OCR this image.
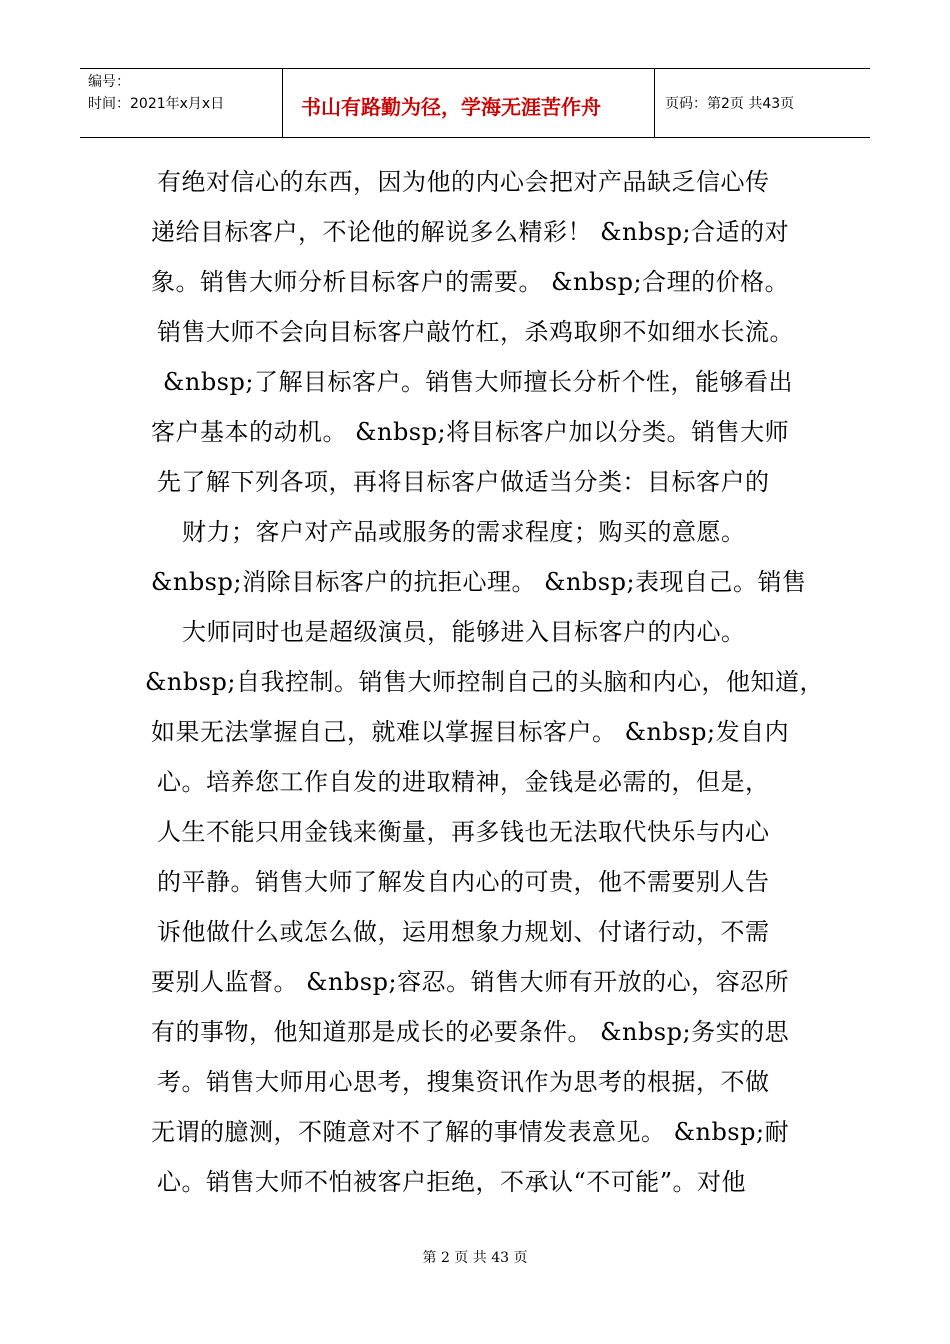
编号：
时间：2021年x月x日	书山有路勤为径，学海无涯苦作舟	页码：第2页 共43页
有绝对信心的东西，因为他的内心会把对产品缺乏信心传
递给目标客户，不论他的解说多么精彩！ &nbsp;合适的对
象。销售大师分析目标客户的需要。 &nbsp;合理的价格。
销售大师不会向目标客户敲竹杠，杀鸡取卵不如细水长流。
&nbsp;了解目标客户。销售大师擅长分析个性，能够看出
客户基本的动机。 &nbsp;将目标客户加以分类。销售大师
先了解下列各项，再将目标客户做适当分类：目标客户的
财力；客户对产品或服务的需求程度；购买的意愿。
&nbsp;消除目标客户的抗拒心理。 &nbsp;表现自己。销售
大师同时也是超级演员，能够进入目标客户的内心。
&nbsp;自我控制。销售大师控制自己的头脑和内心，他知道，
如果无法掌握自己，就难以掌握目标客户。 &nbsp;发自内
心。培养您工作自发的进取精神，金钱是必需的，但是，
人生不能只用金钱来衡量，再多钱也无法取代快乐与内心
的平静。销售大师了解发自内心的可贵，他不需要别人告
诉他做什么或怎么做，运用想象力规划、付诸行动，不需
要别人监督。 &nbsp;容忍。销售大师有开放的心，容忍所
有的事物，他知道那是成长的必要条件。 &nbsp;务实的思
考。销售大师用心思考，搜集资讯作为思考的根据，不做
无谓的臆测，不随意对不了解的事情发表意见。 &nbsp;耐
心。销售大师不怕被客户拒绝，不承认“不可能”。对他
第 2 页 共 43 页
